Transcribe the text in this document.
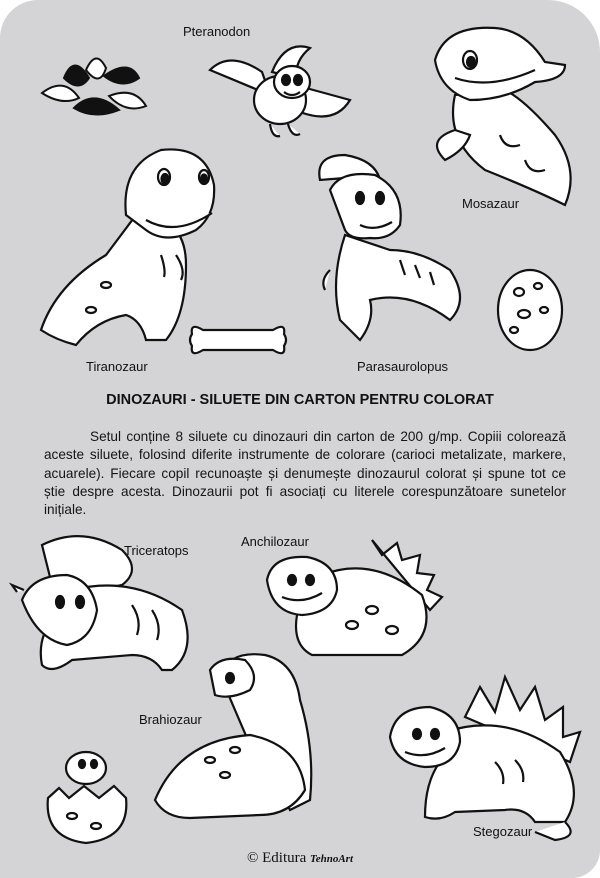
Pteranodon
Mosazaur
Tiranozaur	Parasaurolopus
DINOZAURI - SILUETE DIN CARTON PENTRU COLORAT

Setul conține 8 siluete cu dinozauri din carton de 200 g/mp. Copiii colorează aceste siluete, folosind diferite instrumente de colorare (carioci metalizate, markere, acuarele). Fiecare copil recunoaște și denumește dinozaurul colorat și spune tot ce știe despre acesta. Dinozaurii pot fi asociați cu literele corespunzătoare sunetelor inițiale.

Triceratops
Anchilozaur
Brahiozaur
Stegozaur
© Editura TehnoArt
